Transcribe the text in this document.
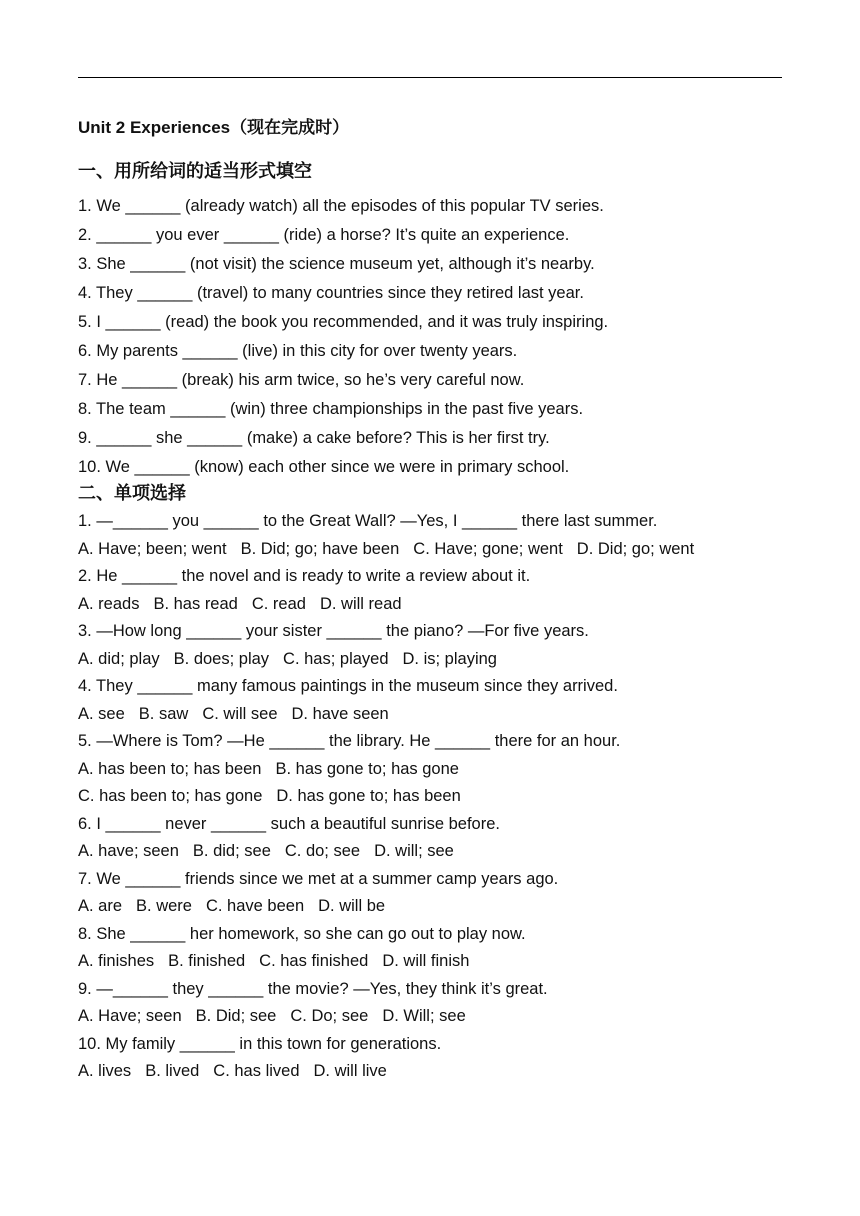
Unit 2 Experiences（现在完成时）
一、用所给词的适当形式填空
1. We ______ (already watch) all the episodes of this popular TV series.
2. ______ you ever ______ (ride) a horse? It’s quite an experience.
3. She ______ (not visit) the science museum yet, although it’s nearby.
4. They ______ (travel) to many countries since they retired last year.
5. I ______ (read) the book you recommended, and it was truly inspiring.
6. My parents ______ (live) in this city for over twenty years.
7. He ______ (break) his arm twice, so he’s very careful now.
8. The team ______ (win) three championships in the past five years.
9. ______ she ______ (make) a cake before? This is her first try.
10. We ______ (know) each other since we were in primary school.
二、单项选择
1. —______ you ______ to the Great Wall? —Yes, I ______ there last summer.
A. Have; been; went B. Did; go; have been C. Have; gone; went D. Did; go; went
2. He ______ the novel and is ready to write a review about it.
A. reads B. has read C. read D. will read
3. —How long ______ your sister ______ the piano? —For five years.
A. did; play B. does; play C. has; played D. is; playing
4. They ______ many famous paintings in the museum since they arrived.
A. see B. saw C. will see D. have seen
5. —Where is Tom? —He ______ the library. He ______ there for an hour.
A. has been to; has been B. has gone to; has gone
C. has been to; has gone D. has gone to; has been
6. I ______ never ______ such a beautiful sunrise before.
A. have; seen B. did; see C. do; see D. will; see
7. We ______ friends since we met at a summer camp years ago.
A. are B. were C. have been D. will be
8. She ______ her homework, so she can go out to play now.
A. finishes B. finished C. has finished D. will finish
9. —______ they ______ the movie? —Yes, they think it’s great.
A. Have; seen B. Did; see C. Do; see D. Will; see
10. My family ______ in this town for generations.
A. lives B. lived C. has lived D. will live
